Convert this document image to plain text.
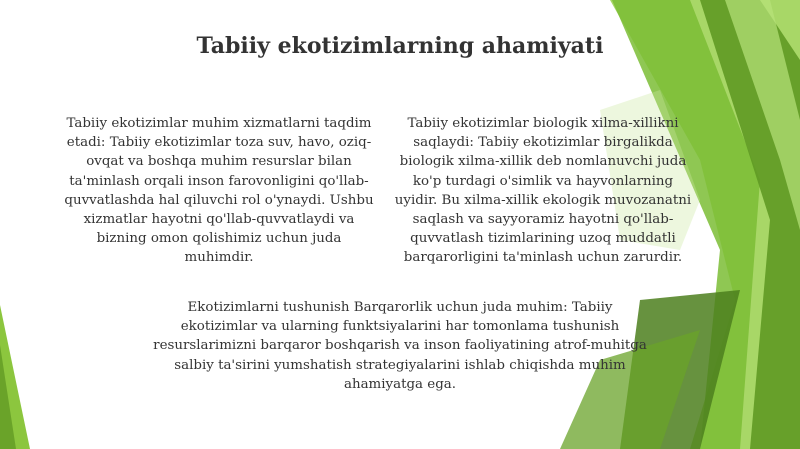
Tabiiy ekotizimlarning ahamiyati

Tabiiy ekotizimlar muhim xizmatlarni taqdim etadi: Tabiiy ekotizimlar toza suv, havo, oziq-ovqat va boshqa muhim resurslar bilan ta'minlash orqali inson farovonligini qo'llab-quvvatlashda hal qiluvchi rol o'ynaydi. Ushbu xizmatlar hayotni qo'llab-quvvatlaydi va bizning omon qolishimiz uchun juda muhimdir.

Tabiiy ekotizimlar biologik xilma-xillikni saqlaydi: Tabiiy ekotizimlar birgalikda biologik xilma-xillik deb nomlanuvchi juda ko'p turdagi o'simlik va hayvonlarning uyidir. Bu xilma-xillik ekologik muvozanatni saqlash va sayyoramiz hayotni qo'llab-quvvatlash tizimlarining uzoq muddatli barqarorligini ta'minlash uchun zarurdir.

Ekotizimlarni tushunish Barqarorlik uchun juda muhim: Tabiiy ekotizimlar va ularning funktsiyalarini har tomonlama tushunish resurslarimizni barqaror boshqarish va inson faoliyatining atrof-muhitga salbiy ta'sirini yumshatish strategiyalarini ishlab chiqishda muhim ahamiyatga ega.
